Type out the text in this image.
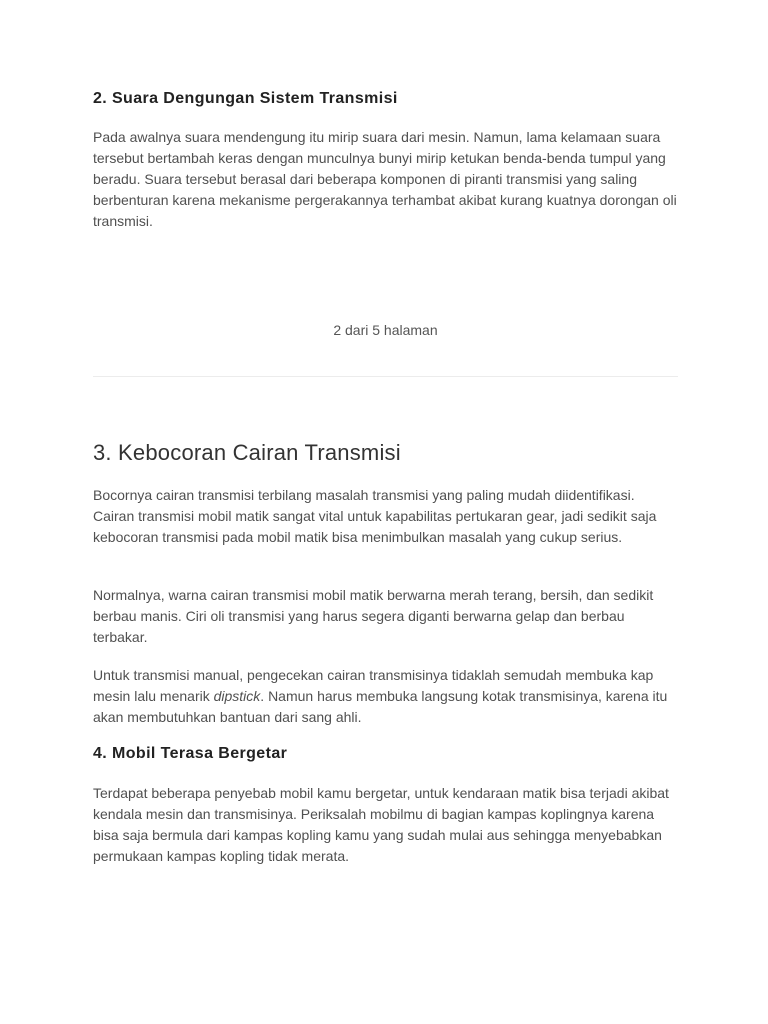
2. Suara Dengungan Sistem Transmisi

Pada awalnya suara mendengung itu mirip suara dari mesin. Namun, lama kelamaan suara tersebut bertambah keras dengan munculnya bunyi mirip ketukan benda-benda tumpul yang beradu. Suara tersebut berasal dari beberapa komponen di piranti transmisi yang saling berbenturan karena mekanisme pergerakannya terhambat akibat kurang kuatnya dorongan oli transmisi.

2 dari 5 halaman
3. Kebocoran Cairan Transmisi

Bocornya cairan transmisi terbilang masalah transmisi yang paling mudah diidentifikasi. Cairan transmisi mobil matik sangat vital untuk kapabilitas pertukaran gear, jadi sedikit saja kebocoran transmisi pada mobil matik bisa menimbulkan masalah yang cukup serius.

Normalnya, warna cairan transmisi mobil matik berwarna merah terang, bersih, dan sedikit berbau manis. Ciri oli transmisi yang harus segera diganti berwarna gelap dan berbau terbakar.

Untuk transmisi manual, pengecekan cairan transmisinya tidaklah semudah membuka kap mesin lalu menarik dipstick. Namun harus membuka langsung kotak transmisinya, karena itu akan membutuhkan bantuan dari sang ahli.

4. Mobil Terasa Bergetar

Terdapat beberapa penyebab mobil kamu bergetar, untuk kendaraan matik bisa terjadi akibat kendala mesin dan transmisinya. Periksalah mobilmu di bagian kampas koplingnya karena bisa saja bermula dari kampas kopling kamu yang sudah mulai aus sehingga menyebabkan permukaan kampas kopling tidak merata.
